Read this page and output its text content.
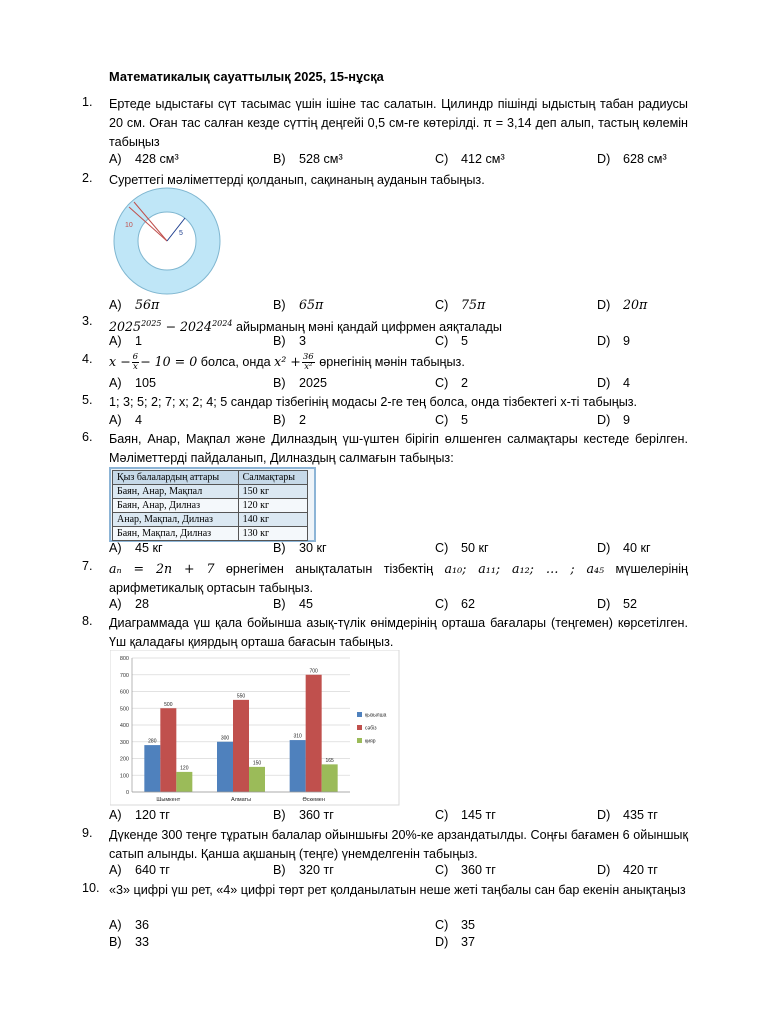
Математикалық сауаттылық 2025, 15-нұсқа
1. Ертеде ыдыстағы сүт тасымас үшін ішіне тас салатын. Цилиндр пішінді ыдыстың табан радиусы 20 см. Оған тас салған кезде сүттің деңгейі 0,5 см-ге көтерілді. π = 3,14 деп алып, тастың көлемін табыңыз
A) 428 см³	B) 528 см³	C) 412 см³	D) 628 см³
2. Суреттегі мәліметтерді қолданып, сақинаның ауданын табыңыз.
10
5
A) 56π	B) 65π	C) 75π	D) 20π
3. $2025^{2025} - 2024^{2024}$ айырманың мәні қандай цифрмен аяқталады
A) 1	B) 3	C) 5	D) 9
4. $x - \frac{6}{x} - 10 = 0$ болса, онда $x^2 + \frac{36}{\text{x²}}$ өрнегінің мәнін табыңыз.
A) 105	B) 2025	C) 2	D) 4
5. 1; 3; 5; 2; 7; x; 2; 4; 5 сандар тізбегінің модасы 2-ге тең болса, онда тізбектегі x-ті табыңыз.
A) 4	B) 2	C) 5	D) 9
6. Баян, Анар, Мақпал және Дилназдың үш-үштен бірігіп өлшенген салмақтары кестеде берілген. Мәліметтерді пайдаланып, Дилназдың салмағын табыңыз:
Қыз балалардың аттары	Салмақтары
Баян, Анар, Мақпал	150 кг
Баян, Анар, Дилназ	120 кг
Анар, Мақпал, Дилназ	140 кг
Баян, Мақпал, Дилназ	130 кг
A) 45 кг	B) 30 кг	C) 50 кг	D) 40 кг
7. aₙ = 2n + 7 өрнегімен анықталатын тізбектің a₁₀; a₁₁; a₁₂; … ; a₄₅ мүшелерінің
арифметикалық ортасын табыңыз.
A) 28	B) 45	C) 62	D) 52
8. Диаграммада үш қала бойынша азық-түлік өнімдерінің орташа бағалары (теңгемен) көрсетілген. Үш қаладағы қиярдың орташа бағасын табыңыз.
0
100
200
300
400
500
600
700
800
280
500
120
Шымкент
300
550
150
Алматы
310
700
165
Өскемен
қызылша
сәбіз
қияр
A) 120 тг	B) 360 тг	C) 145 тг	D) 435 тг
9. Дүкенде 300 теңге тұратын балалар ойыншығы 20%-ке арзандатылды. Соңғы бағамен 6 ойыншық сатып алынды. Қанша ақшаның (теңге) үнемделгенін табыңыз.
A) 640 тг	B) 320 тг	C) 360 тг	D) 420 тг
10. «3» цифрі үш рет, «4» цифрі төрт рет қолданылатын неше жеті таңбалы сан бар екенін анықтаңыз
A) 36	C) 35
B) 33	D) 37
